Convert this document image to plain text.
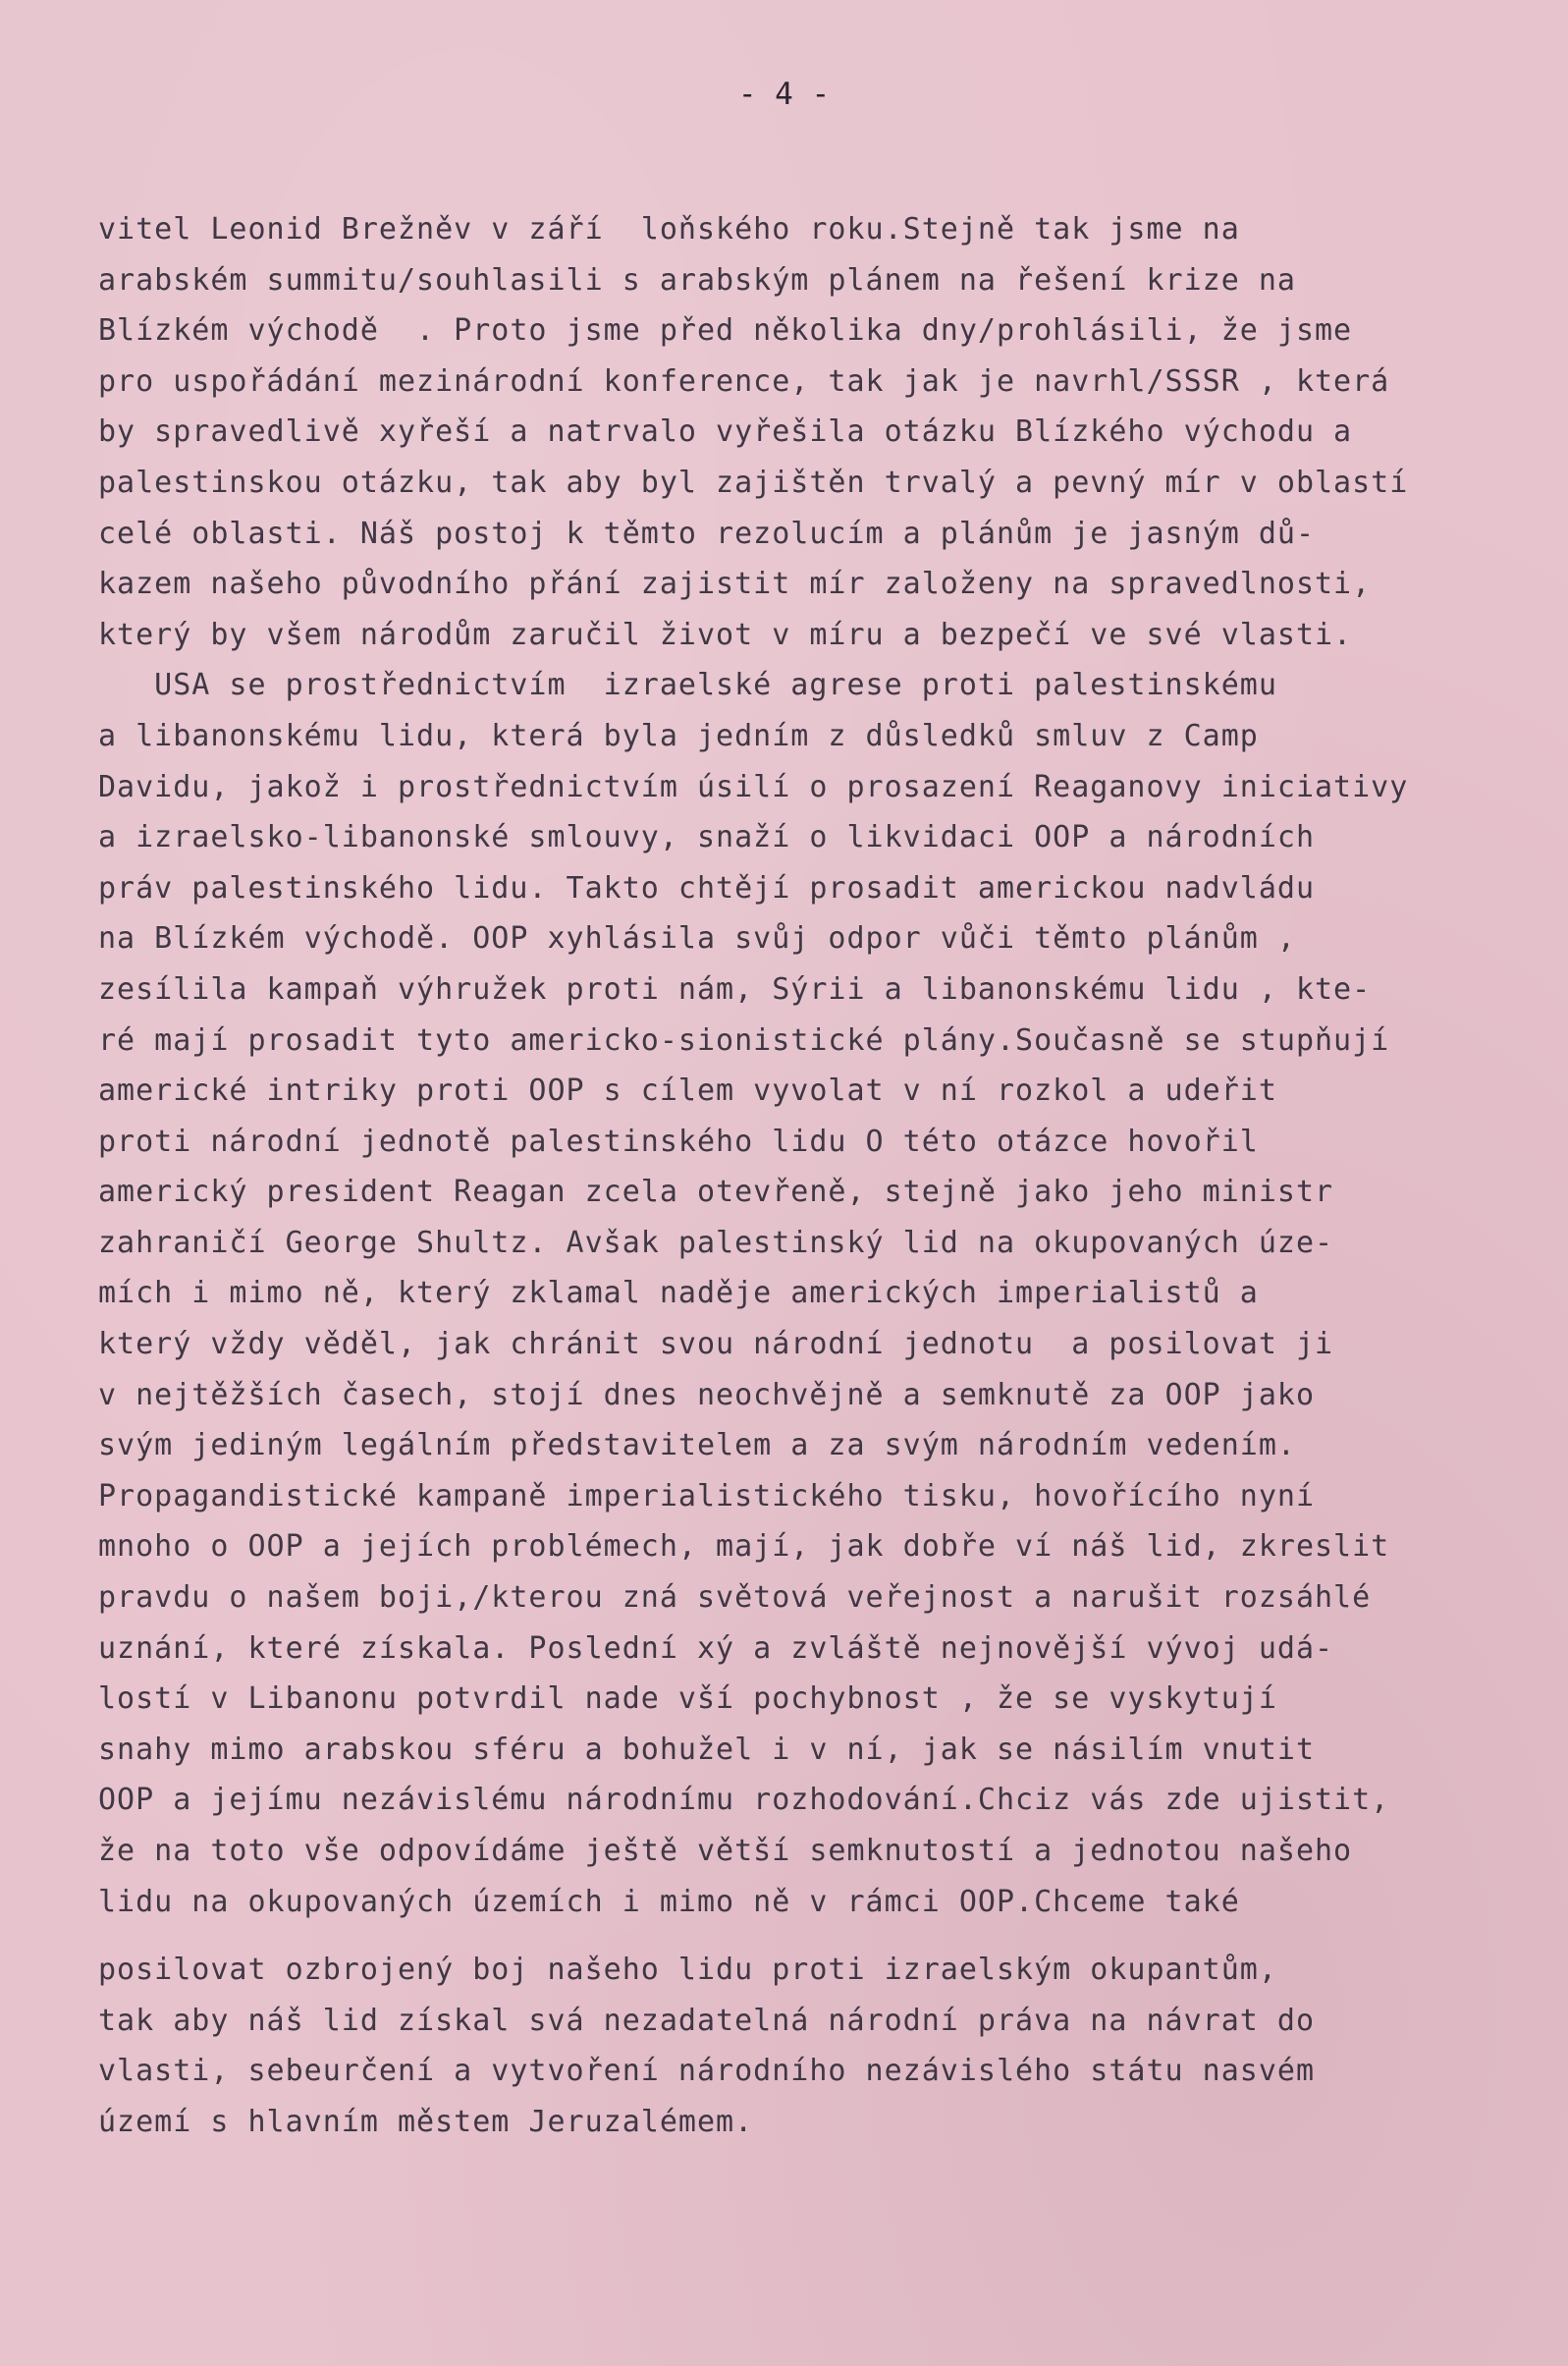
- 4 -
vitel Leonid Brežněv v září  loňského roku.Stejně tak jsme na
arabském summitu/souhlasili s arabským plánem na řešení krize na
Blízkém východě  . Proto jsme před několika dny/prohlásili, že jsme
pro uspořádání mezinárodní konference, tak jak je navrhl/SSSR , která
by spravedlivě xyřeší a natrvalo vyřešila otázku Blízkého východu a
palestinskou otázku, tak aby byl zajištěn trvalý a pevný mír v oblastí
celé oblasti. Náš postoj k těmto rezolucím a plánům je jasným dů-
kazem našeho původního přání zajistit mír založeny na spravedlnosti,
který by všem národům zaručil život v míru a bezpečí ve své vlasti.
USA se prostřednictvím  izraelské agrese proti palestinskému
a libanonskému lidu, která byla jedním z důsledků smluv z Camp
Davidu, jakož i prostřednictvím úsilí o prosazení Reaganovy iniciativy
a izraelsko-libanonské smlouvy, snaží o likvidaci OOP a národních
práv palestinského lidu. Takto chtějí prosadit americkou nadvládu
na Blízkém východě. OOP xyhlásila svůj odpor vůči těmto plánům ,
zesílila kampaň výhružek proti nám, Sýrii a libanonskému lidu , kte-
ré mají prosadit tyto americko-sionistické plány.Současně se stupňují
americké intriky proti OOP s cílem vyvolat v ní rozkol a udeřit
proti národní jednotě palestinského lidu O této otázce hovořil
americký president Reagan zcela otevřeně, stejně jako jeho ministr
zahraničí George Shultz. Avšak palestinský lid na okupovaných úze-
mích i mimo ně, který zklamal naděje amerických imperialistů a
který vždy věděl, jak chránit svou národní jednotu  a posilovat ji
v nejtěžších časech, stojí dnes neochvějně a semknutě za OOP jako
svým jediným legálním představitelem a za svým národním vedením.
Propagandistické kampaně imperialistického tisku, hovořícího nyní
mnoho o OOP a jejích problémech, mají, jak dobře ví náš lid, zkreslit
pravdu o našem boji,/kterou zná světová veřejnost a narušit rozsáhlé
uznání, které získala. Poslední xý a zvláště nejnovější vývoj udá-
lostí v Libanonu potvrdil nade vší pochybnost , že se vyskytují
snahy mimo arabskou sféru a bohužel i v ní, jak se násilím vnutit
OOP a jejímu nezávislému národnímu rozhodování.Chciz vás zde ujistit,
že na toto vše odpovídáme ještě větší semknutostí a jednotou našeho
lidu na okupovaných územích i mimo ně v rámci OOP.Chceme také
posilovat ozbrojený boj našeho lidu proti izraelským okupantům,
tak aby náš lid získal svá nezadatelná národní práva na návrat do
vlasti, sebeurčení a vytvoření národního nezávislého státu nasvém
území s hlavním městem Jeruzalémem.
